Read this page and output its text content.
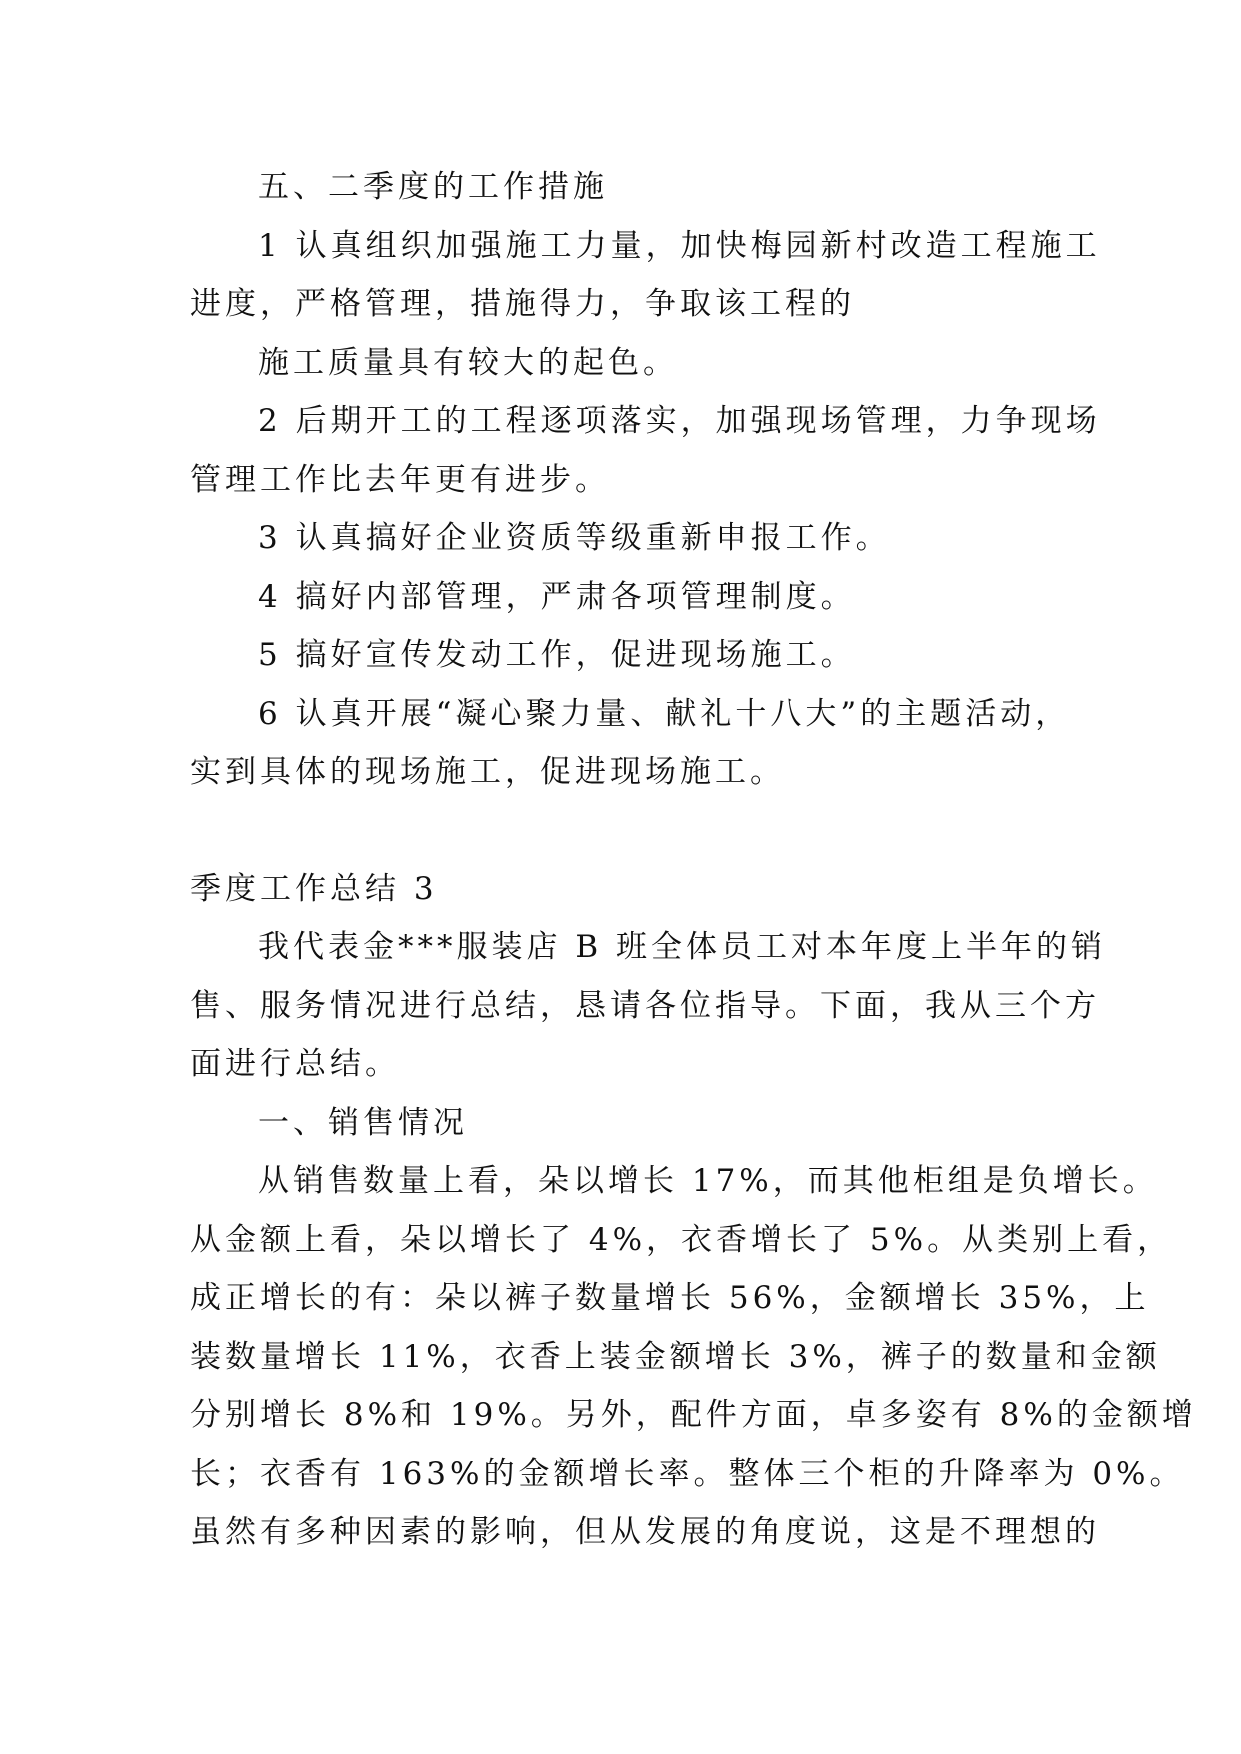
五、二季度的工作措施

1 认真组织加强施工力量，加快梅园新村改造工程施工

进度，严格管理，措施得力，争取该工程的

施工质量具有较大的起色。

2 后期开工的工程逐项落实，加强现场管理，力争现场

管理工作比去年更有进步。

3 认真搞好企业资质等级重新申报工作。

4 搞好内部管理，严肃各项管理制度。

5 搞好宣传发动工作，促进现场施工。

6 认真开展“凝心聚力量、献礼十八大”的主题活动，

实到具体的现场施工，促进现场施工。

季度工作总结 3

我代表金***服装店 B 班全体员工对本年度上半年的销

售、服务情况进行总结，恳请各位指导。下面，我从三个方

面进行总结。

一、销售情况

从销售数量上看，朵以增长 17%，而其他柜组是负增长。

从金额上看，朵以增长了 4%，衣香增长了 5%。从类别上看，

成正增长的有：朵以裤子数量增长 56%，金额增长 35%，上

装数量增长 11%，衣香上装金额增长 3%，裤子的数量和金额

分别增长 8%和 19%。另外，配件方面，卓多姿有 8%的金额增

长；衣香有 163%的金额增长率。整体三个柜的升降率为 0%。

虽然有多种因素的影响，但从发展的角度说，这是不理想的
